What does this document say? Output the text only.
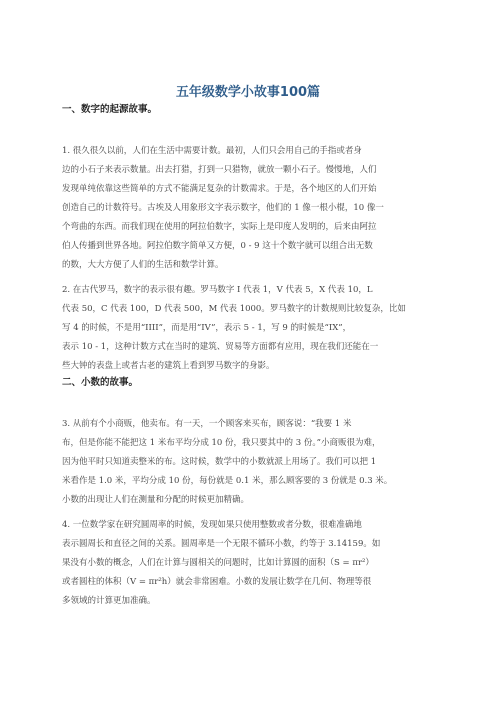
五年级数学小故事100篇
一、数字的起源故事。
1. 很久很久以前，人们在生活中需要计数。最初，人们只会用自己的手指或者身
边的小石子来表示数量。出去打猎，打到一只猎物，就放一颗小石子。慢慢地，人们
发现单纯依靠这些简单的方式不能满足复杂的计数需求。于是，各个地区的人们开始
创造自己的计数符号。古埃及人用象形文字表示数字，他们的 1 像一根小棍，10 像一
个弯曲的东西。而我们现在使用的阿拉伯数字，实际上是印度人发明的，后来由阿拉
伯人传播到世界各地。阿拉伯数字简单又方便，0 - 9 这十个数字就可以组合出无数
的数，大大方便了人们的生活和数学计算。
2. 在古代罗马，数字的表示很有趣。罗马数字 I 代表 1，V 代表 5，X 代表 10，L
代表 50，C 代表 100，D 代表 500，M 代表 1000。罗马数字的计数规则比较复杂，比如
写 4 的时候，不是用“IIII”，而是用“IV”，表示 5 - 1，写 9 的时候是“IX”，
表示 10 - 1，这种计数方式在当时的建筑、贸易等方面都有应用，现在我们还能在一
些大钟的表盘上或者古老的建筑上看到罗马数字的身影。
二、小数的故事。
3. 从前有个小商贩，他卖布。有一天，一个顾客来买布，顾客说：“我要 1 米
布，但是你能不能把这 1 米布平均分成 10 份，我只要其中的 3 份。”小商贩很为难，
因为他平时只知道卖整米的布。这时候，数学中的小数就派上用场了。我们可以把 1
米看作是 1.0 米，平均分成 10 份，每份就是 0.1 米，那么顾客要的 3 份就是 0.3 米。
小数的出现让人们在测量和分配的时候更加精确。
4. 一位数学家在研究圆周率的时候，发现如果只使用整数或者分数，很难准确地
表示圆周长和直径之间的关系。圆周率是一个无限不循环小数，约等于 3.14159。如
果没有小数的概念，人们在计算与圆相关的问题时，比如计算圆的面积（S = πr²）
或者圆柱的体积（V = πr²h）就会非常困难。小数的发展让数学在几何、物理等很
多领域的计算更加准确。
